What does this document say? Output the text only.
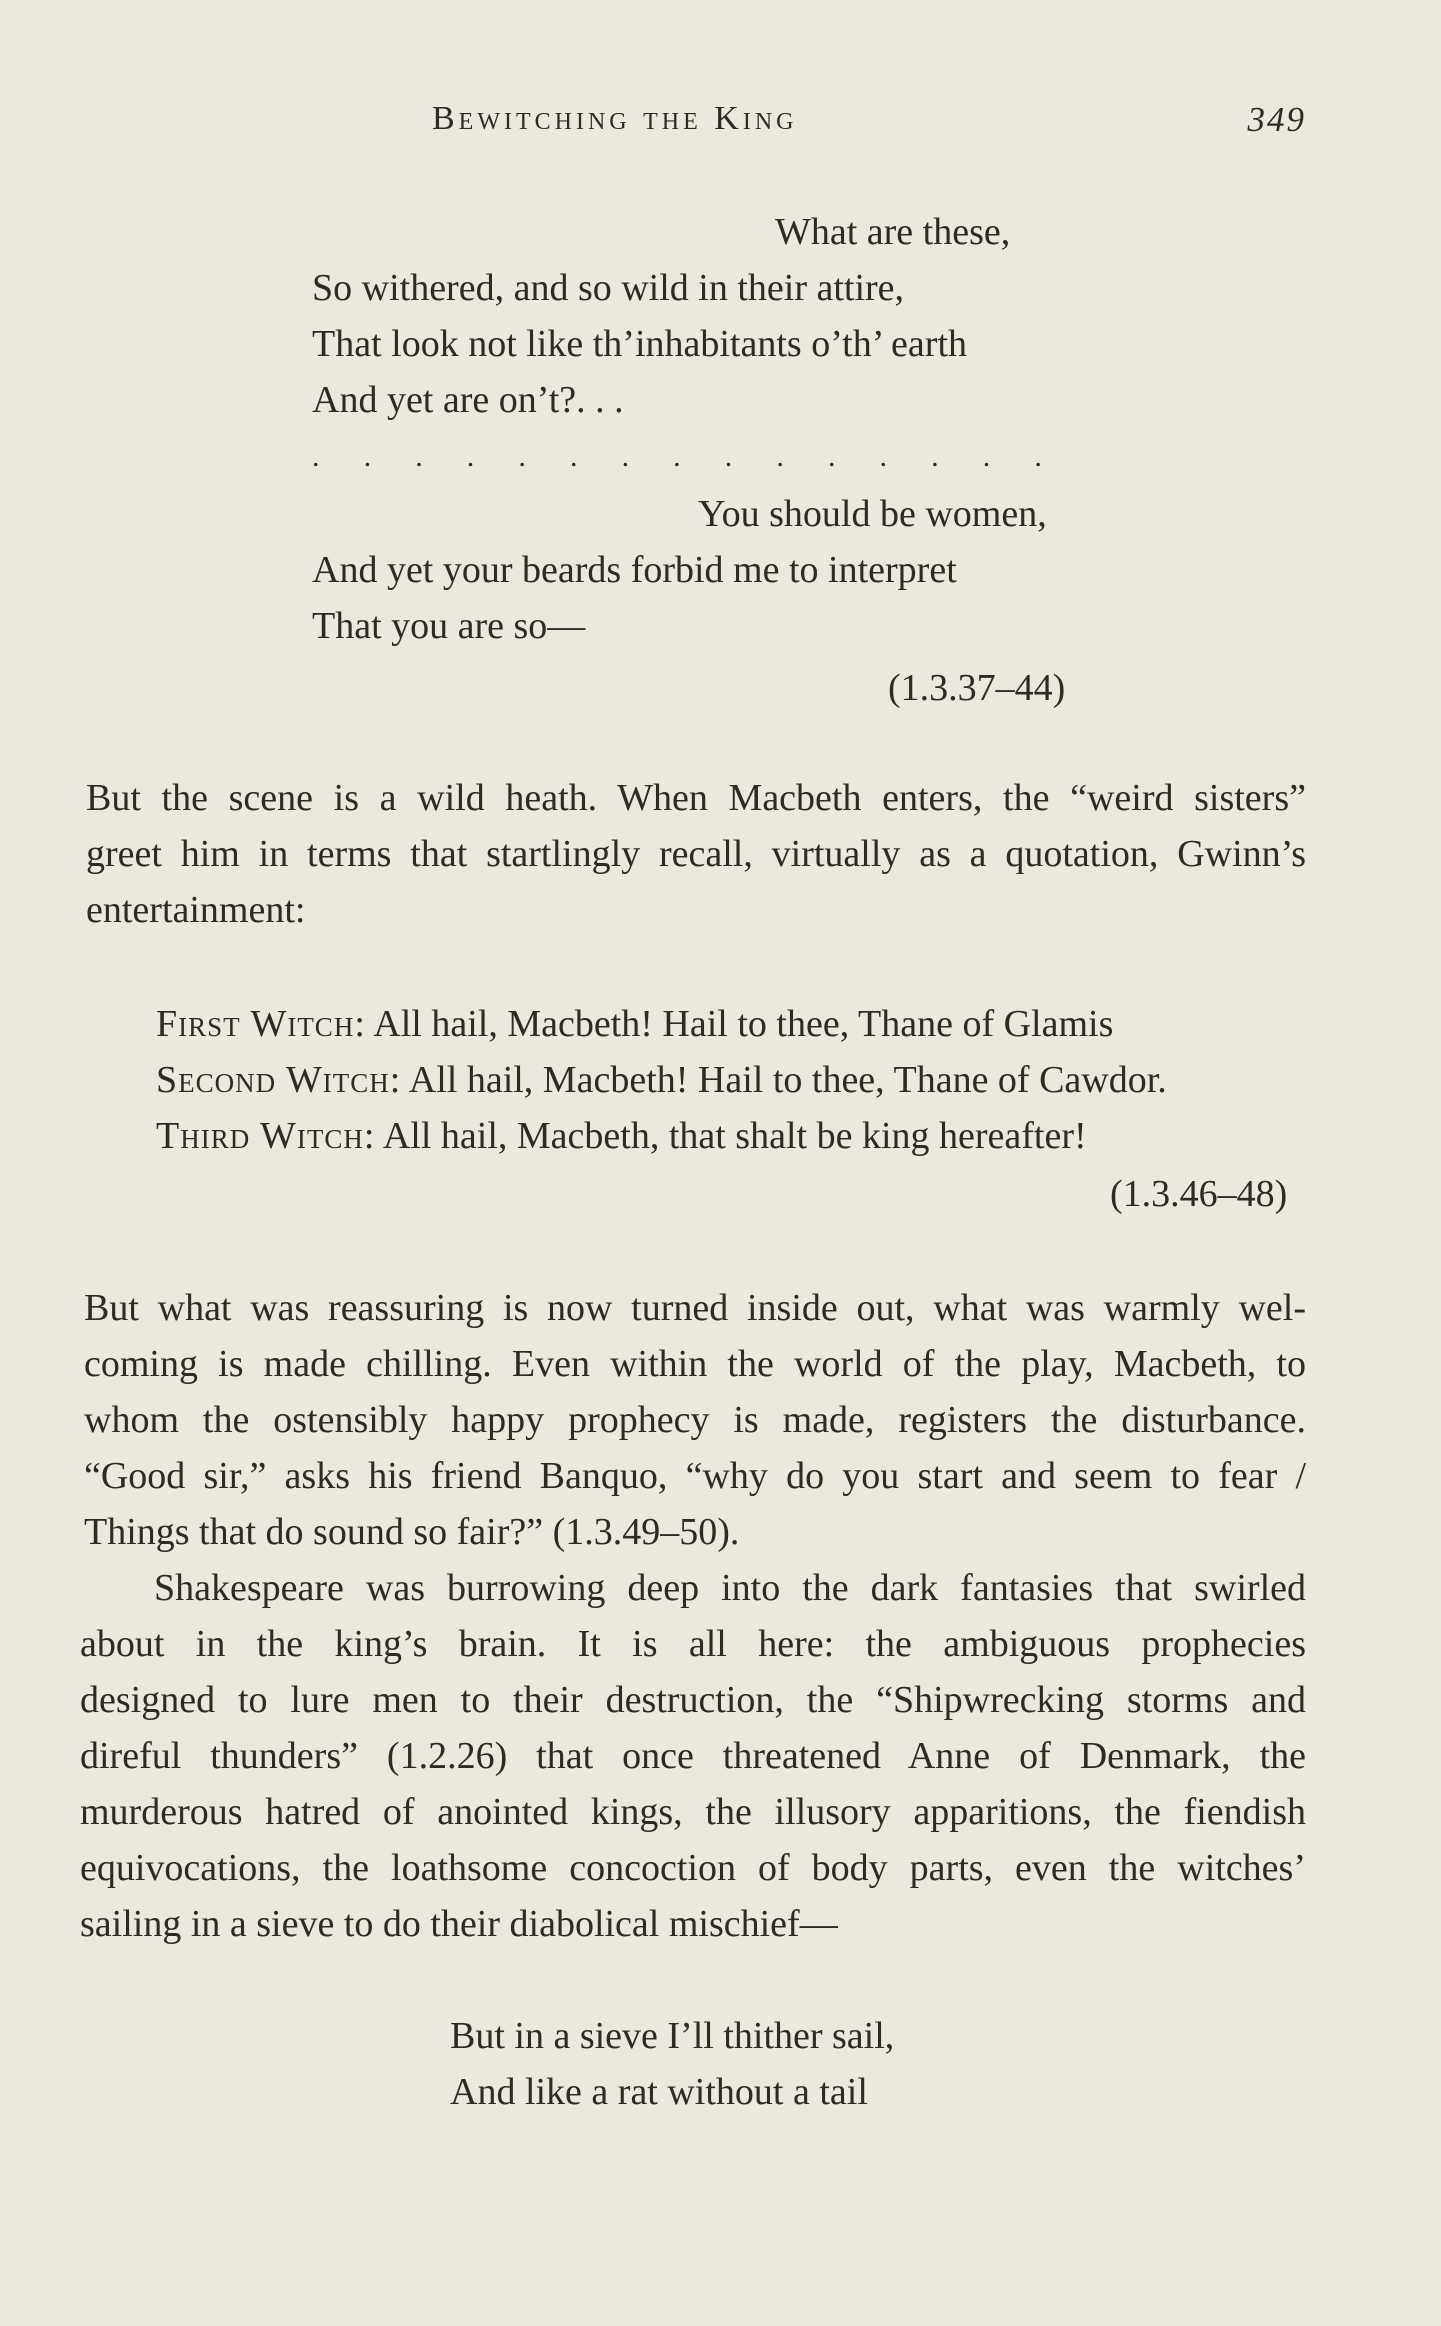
Bewitching the King	349
What are these,
So withered, and so wild in their attire,
That look not like th’inhabitants o’th’ earth
And yet are on’t?. . .
. . . . . . . . . . . . . . .
You should be women,
And yet your beards forbid me to interpret
That you are so—
(1.3.37–44)
But the scene is a wild heath. When Macbeth enters, the “weird sisters”
greet him in terms that startlingly recall, virtually as a quotation, Gwinn’s
entertainment:
First Witch: All hail, Macbeth! Hail to thee, Thane of Glamis
Second Witch: All hail, Macbeth! Hail to thee, Thane of Cawdor.
Third Witch: All hail, Macbeth, that shalt be king hereafter!
(1.3.46–48)
But what was reassuring is now turned inside out, what was warmly wel-
coming is made chilling. Even within the world of the play, Macbeth, to
whom the ostensibly happy prophecy is made, registers the disturbance.
“Good sir,” asks his friend Banquo, “why do you start and seem to fear /
Things that do sound so fair?” (1.3.49–50).
Shakespeare was burrowing deep into the dark fantasies that swirled
about in the king’s brain. It is all here: the ambiguous prophecies
designed to lure men to their destruction, the “Shipwrecking storms and
direful thunders” (1.2.26) that once threatened Anne of Denmark, the
murderous hatred of anointed kings, the illusory apparitions, the fiendish
equivocations, the loathsome concoction of body parts, even the witches’
sailing in a sieve to do their diabolical mischief—
But in a sieve I’ll thither sail,
And like a rat without a tail
